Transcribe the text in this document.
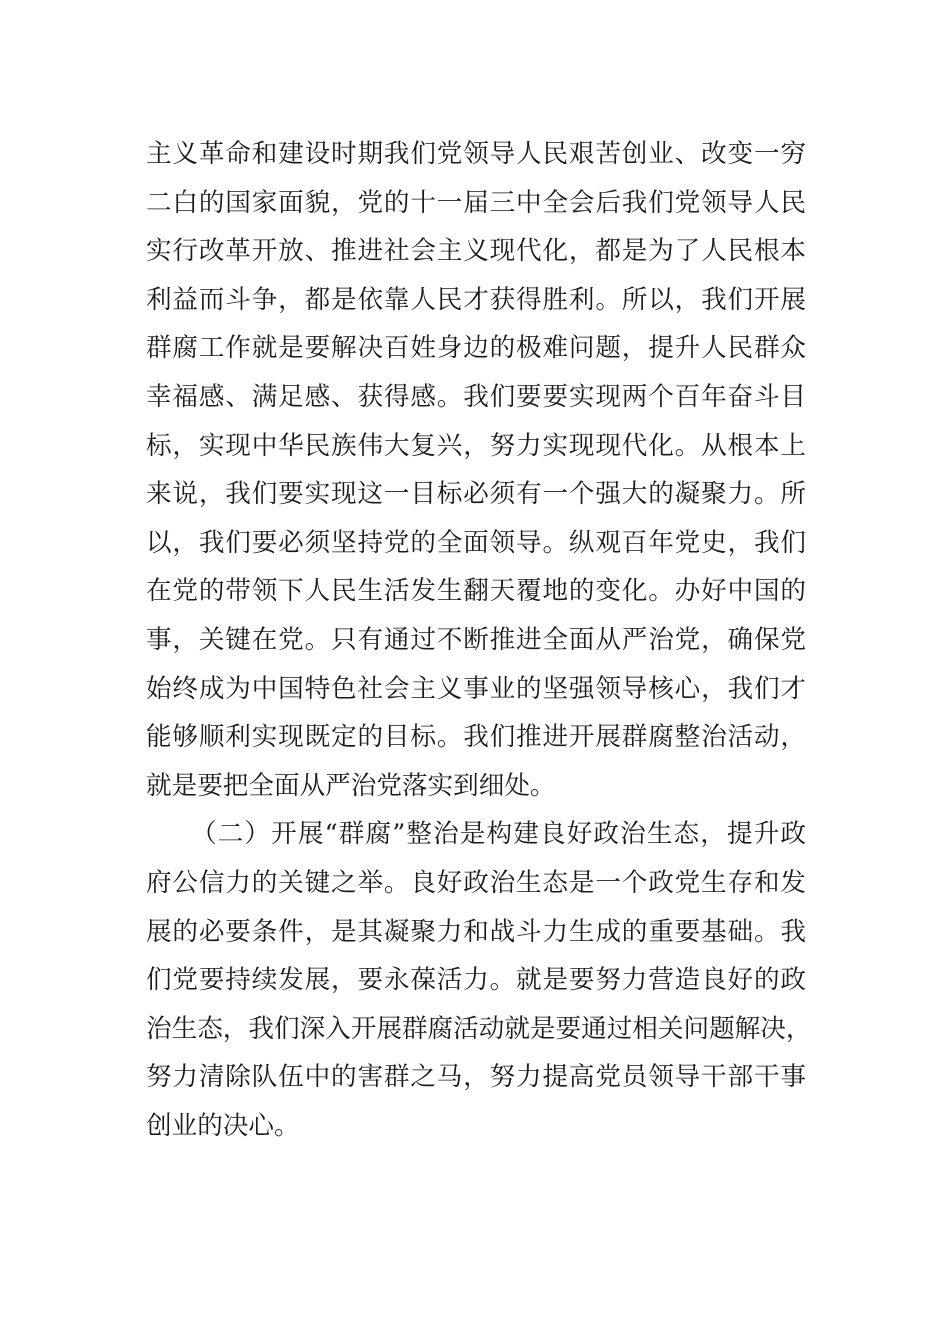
主义革命和建设时期我们党领导人民艰苦创业、改变一穷
二白的国家面貌，党的十一届三中全会后我们党领导人民
实行改革开放、推进社会主义现代化，都是为了人民根本
利益而斗争，都是依靠人民才获得胜利。所以，我们开展
群腐工作就是要解决百姓身边的极难问题，提升人民群众
幸福感、满足感、获得感。我们要要实现两个百年奋斗目
标，实现中华民族伟大复兴，努力实现现代化。从根本上
来说，我们要实现这一目标必须有一个强大的凝聚力。所
以，我们要必须坚持党的全面领导。纵观百年党史，我们
在党的带领下人民生活发生翻天覆地的变化。办好中国的
事，关键在党。只有通过不断推进全面从严治党，确保党
始终成为中国特色社会主义事业的坚强领导核心，我们才
能够顺利实现既定的目标。我们推进开展群腐整治活动，
就是要把全面从严治党落实到细处。
（二）开展“群腐”整治是构建良好政治生态，提升政
府公信力的关键之举。良好政治生态是一个政党生存和发
展的必要条件，是其凝聚力和战斗力生成的重要基础。我
们党要持续发展，要永葆活力。就是要努力营造良好的政
治生态，我们深入开展群腐活动就是要通过相关问题解决，
努力清除队伍中的害群之马，努力提高党员领导干部干事
创业的决心。
